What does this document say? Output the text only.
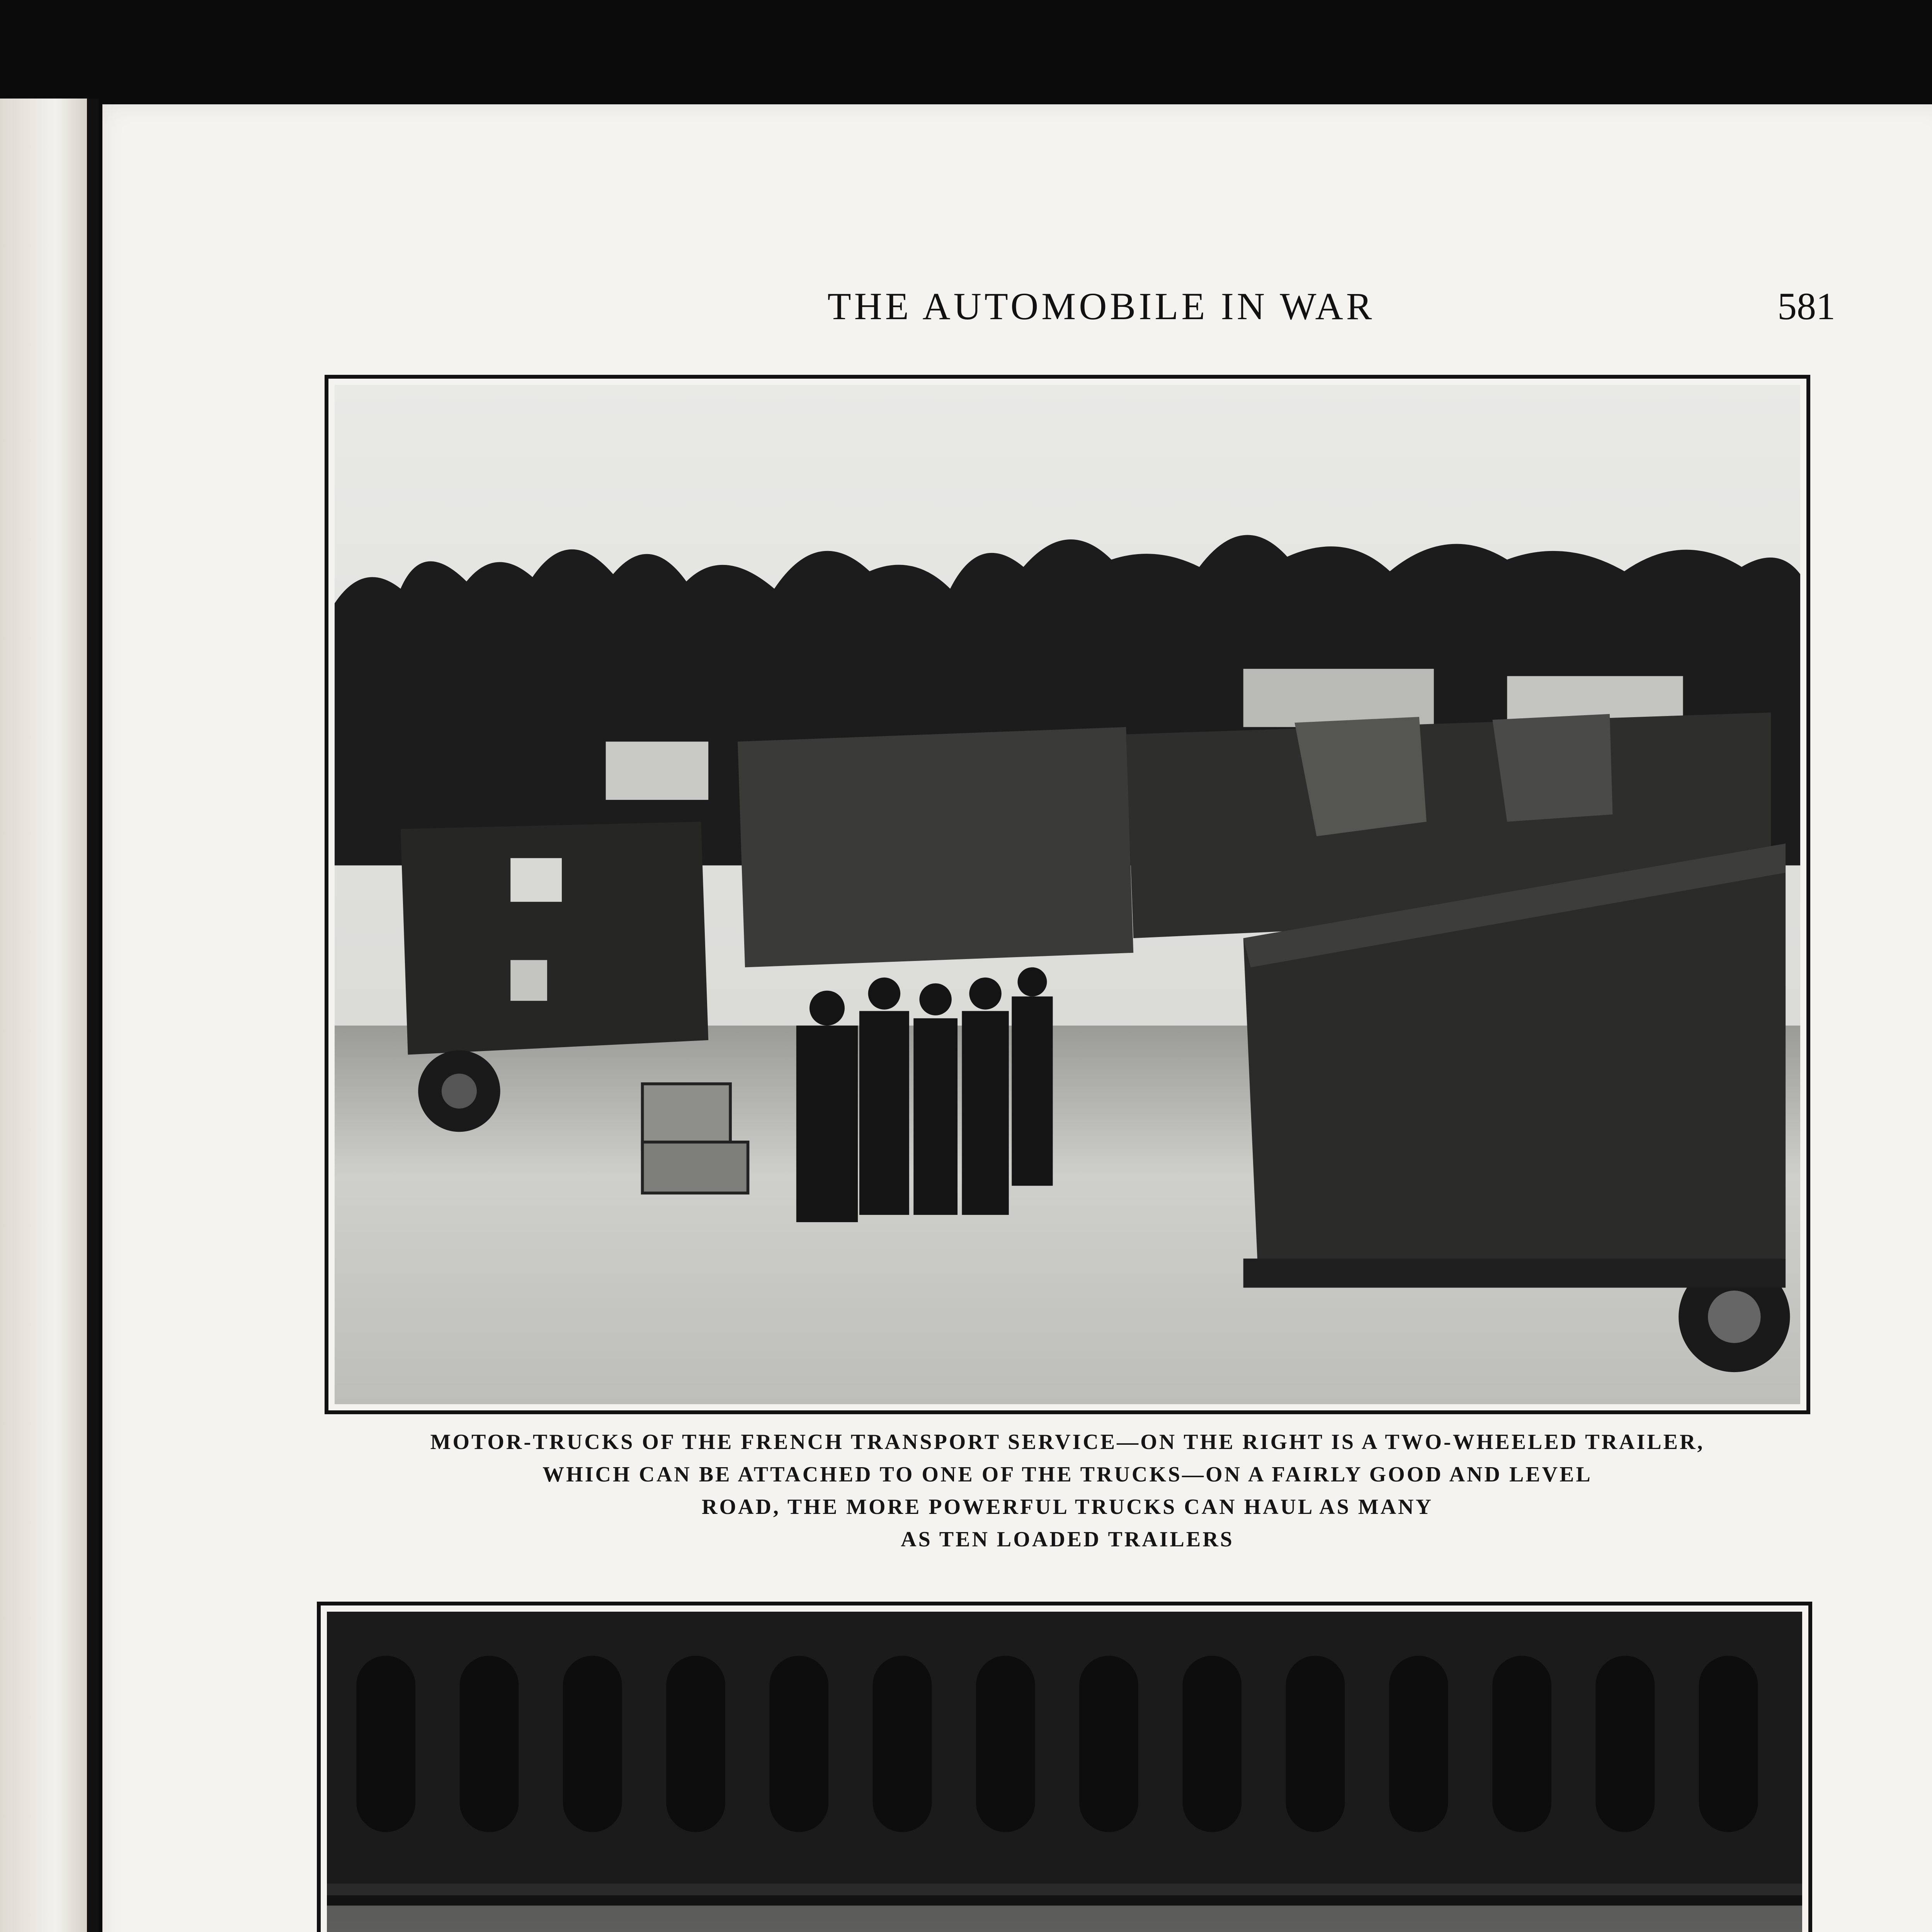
THE AUTOMOBILE IN WAR	581
MOTOR-TRUCKS OF THE FRENCH TRANSPORT SERVICE—ON THE RIGHT IS A TWO-WHEELED TRAILER,
WHICH CAN BE ATTACHED TO ONE OF THE TRUCKS—ON A FAIRLY GOOD AND LEVEL
ROAD, THE MORE POWERFUL TRUCKS CAN HAUL AS MANY
AS TEN LOADED TRAILERS
